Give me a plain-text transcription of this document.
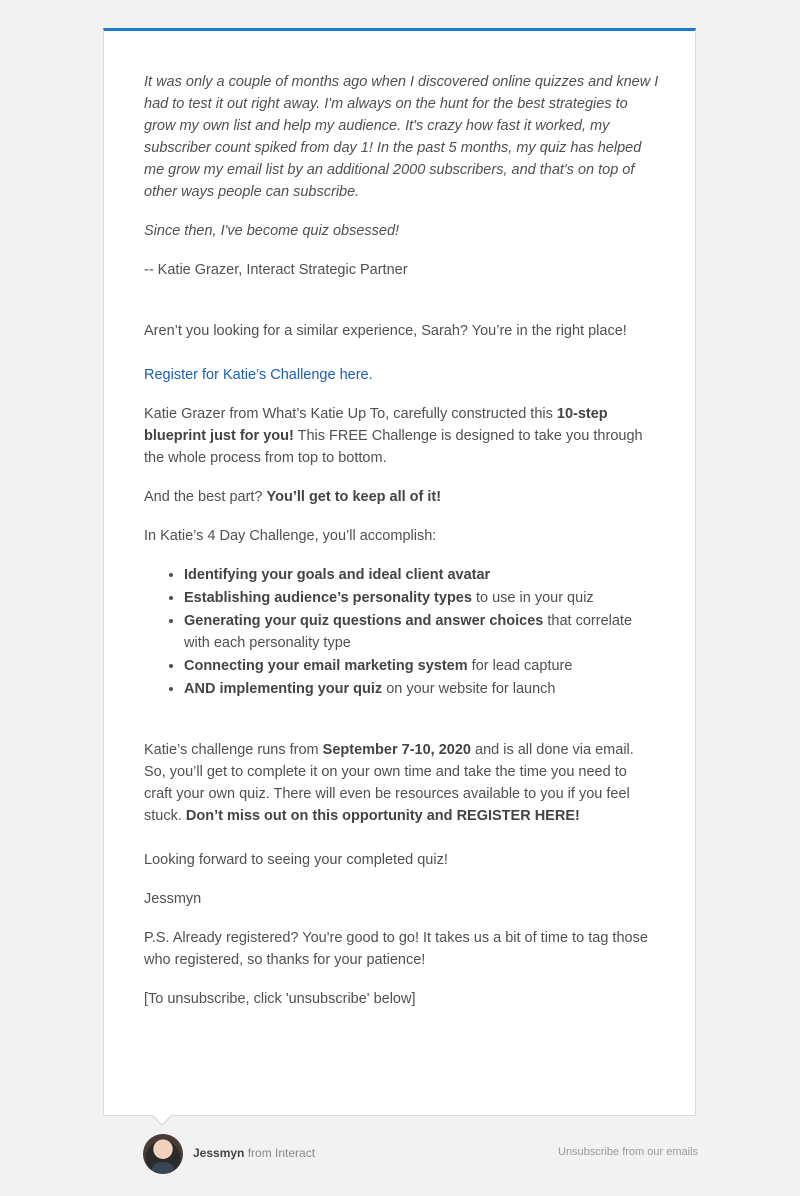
It was only a couple of months ago when I discovered online quizzes and knew I had to test it out right away. I'm always on the hunt for the best strategies to grow my own list and help my audience. It's crazy how fast it worked, my subscriber count spiked from day 1! In the past 5 months, my quiz has helped me grow my email list by an additional 2000 subscribers, and that's on top of other ways people can subscribe.

Since then, I've become quiz obsessed!

-- Katie Grazer, Interact Strategic Partner

Aren’t you looking for a similar experience, Sarah? You’re in the right place!

Register for Katie’s Challenge here.

Katie Grazer from What’s Katie Up To, carefully constructed this 10-step blueprint just for you! This FREE Challenge is designed to take you through the whole process from top to bottom.

And the best part? You’ll get to keep all of it!

In Katie’s 4 Day Challenge, you’ll accomplish:

• Identifying your goals and ideal client avatar
• Establishing audience’s personality types to use in your quiz
• Generating your quiz questions and answer choices that correlate with each personality type
• Connecting your email marketing system for lead capture
• AND implementing your quiz on your website for launch

Katie’s challenge runs from September 7-10, 2020 and is all done via email. So, you’ll get to complete it on your own time and take the time you need to craft your own quiz. There will even be resources available to you if you feel stuck. Don’t miss out on this opportunity and REGISTER HERE!

Looking forward to seeing your completed quiz!

Jessmyn

P.S. Already registered? You're good to go! It takes us a bit of time to tag those who registered, so thanks for your patience!

[To unsubscribe, click 'unsubscribe' below]

Jessmyn from Interact	Unsubscribe from our emails
